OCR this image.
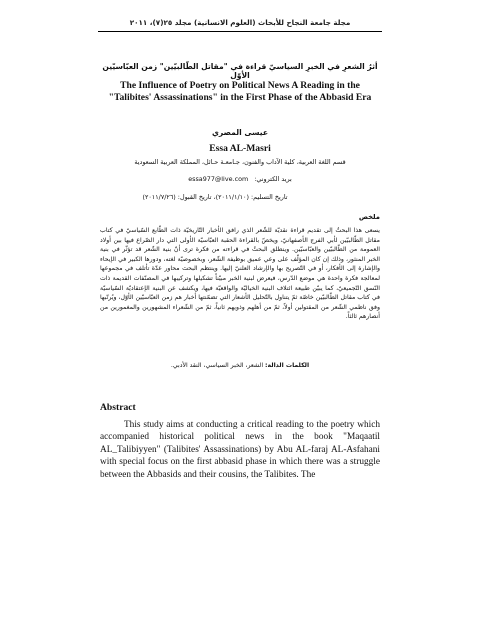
مجلة جامعة النجاح للأبحاث (العلوم الانسانية) مجلد ٢٥(٧)، ٢٠١١
أثرُ الشعرِ في الخبرِ السياسيّ قراءة في "مقاتل الطّالبيّين" زمن العبّاسيّين الأوّل
The Influence of Poetry on Political News A Reading in the "Talibites' Assassinations" in the First Phase of the Abbasid Era
عيسى المصري
Essa AL-Masri
قسم اللغة العربية، كلية الآداب والفنون، جـامعـة حـائل، المملكة العربية السعودية
essa977@live.com بريد الكتروني:
تاريخ التسليم: (٢٠١١/١/١٠)، تاريخ القبول: (٢٠١١/٧/٢٦)
ملخص
يسعى هذا البحثُ إلى تقديم قراءة نقديّة للشّعر الذي رافق الأخبار التّاريخيّة ذات الطّابع السّياسيّ في كتاب مقاتل الطّالبيّين لأبي الفرج الأصفهانيّ، ويخصّ بالقراءة الحقبة العبّاسيّة الأولى التي دار الصّراع فيها بين أولاد العمومة من الطّالبيّين والعبّاسيّين. وينطلق البحثُ في قراءته من فكرة ترى أنّ بنية الشّعر قد تؤثّر في بنية الخبر المنثور، وذلك إن كان المؤلّف على وعي عميق بوظيفة الشّعر، وبخصوصيّة لغته، ودورها الكبير في الإيحاء والإشارة إلى الأفكار، أو في التّصريح بها والإرشاد العلنيّ إليها. وينتظم البحث محاور عدّة تأتلف في مجموعها لمعالجة فكرة واحدة هي موضع الدّرس، فيعرض لبنية الخبر مبيّناً تشكيلها وتركيبها في المصنّفات القديمة ذات النّسق التّجميعيّ، كما يبيّن طبيعة ائتلاف البنية الخياليّة والواقعيّة فيها، ويكشف عن البنية الإعتقاديّة السّياسيّة في كتاب مقاتل الطّالبيّين خاصّة ثمّ يتناول بالتّحليل الأشعار التي تضمّنتها أخبار هم زمن العبّاسيّين الأوّل، ويُرتّبها وفق ناظمي الشّعر من المقتولين أولاً، ثمّ من أهلهم وذويهم ثانياً، ثمّ من الشّعراء المشهورين والمغمورين من أنصارهم ثالثاً.
الكلمات الدالة: الشعر، الخبر السياسي، النقد الأدبي.
Abstract
This study aims at conducting a critical reading to the poetry which accompanied historical political news in the book "Maqaatil AL_Talibiyyen" (Talibites' Assassinations) by Abu AL-faraj AL-Asfahani with special focus on the first abbasid phase in which there was a struggle between the Abbasids and their cousins, the Talibites. The
